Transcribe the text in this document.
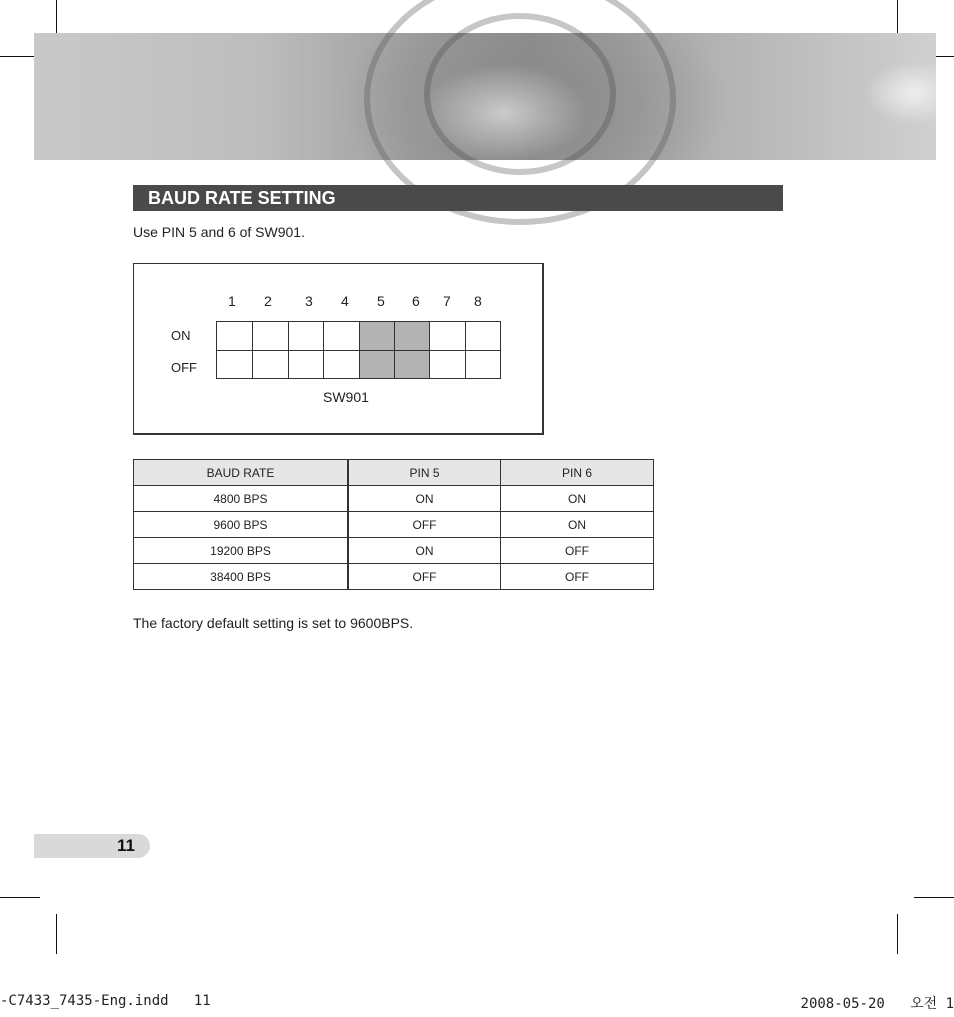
BAUD RATE SETTING
Use PIN 5 and 6 of SW901.
1 2 3 4 5 6 7 8
ON
OFF
SW901
BAUD RATE	PIN 5	PIN 6
4800 BPS	ON	ON
9600 BPS	OFF	ON
19200 BPS	ON	OFF
38400 BPS	OFF	OFF
The factory default setting is set to 9600BPS.
11
-C7433_7435-Eng.indd   11	2008-05-20   오전 1
